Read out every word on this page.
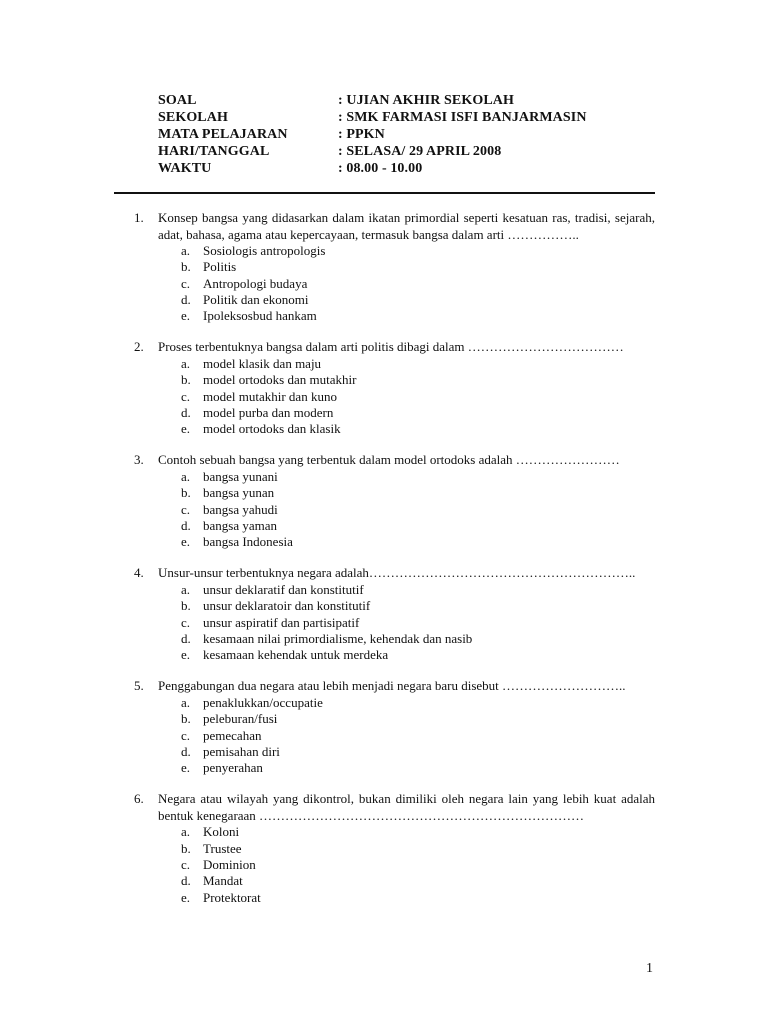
SOAL	: UJIAN AKHIR SEKOLAH
SEKOLAH	: SMK FARMASI ISFI BANJARMASIN
MATA PELAJARAN	: PPKN
HARI/TANGGAL	: SELASA/ 29 APRIL 2008
WAKTU	: 08.00 - 10.00
1. Konsep bangsa yang didasarkan dalam ikatan primordial seperti kesatuan ras, tradisi, sejarah, adat, bahasa, agama atau kepercayaan, termasuk bangsa dalam arti ……………..
a. Sosiologis antropologis
b. Politis
c. Antropologi budaya
d. Politik dan ekonomi
e. Ipoleksosbud hankam
2. Proses terbentuknya bangsa dalam arti politis dibagi dalam ………………………………
a. model klasik dan maju
b. model ortodoks dan mutakhir
c. model mutakhir dan kuno
d. model purba dan modern
e. model ortodoks dan klasik
3. Contoh sebuah bangsa yang terbentuk dalam model ortodoks adalah ……………………
a. bangsa yunani
b. bangsa yunan
c. bangsa yahudi
d. bangsa yaman
e. bangsa Indonesia
4. Unsur-unsur terbentuknya negara adalah……………………………………………………..
a. unsur deklaratif dan konstitutif
b. unsur deklaratoir dan konstitutif
c. unsur aspiratif dan partisipatif
d. kesamaan nilai primordialisme, kehendak dan nasib
e. kesamaan kehendak untuk merdeka
5. Penggabungan dua negara atau lebih menjadi negara baru disebut ………………………..
a. penaklukkan/occupatie
b. peleburan/fusi
c. pemecahan
d. pemisahan diri
e. penyerahan
6. Negara atau wilayah yang dikontrol, bukan dimiliki oleh negara lain yang lebih kuat adalah bentuk kenegaraan …………………………………………………………………
a. Koloni
b. Trustee
c. Dominion
d. Mandat
e. Protektorat
1
